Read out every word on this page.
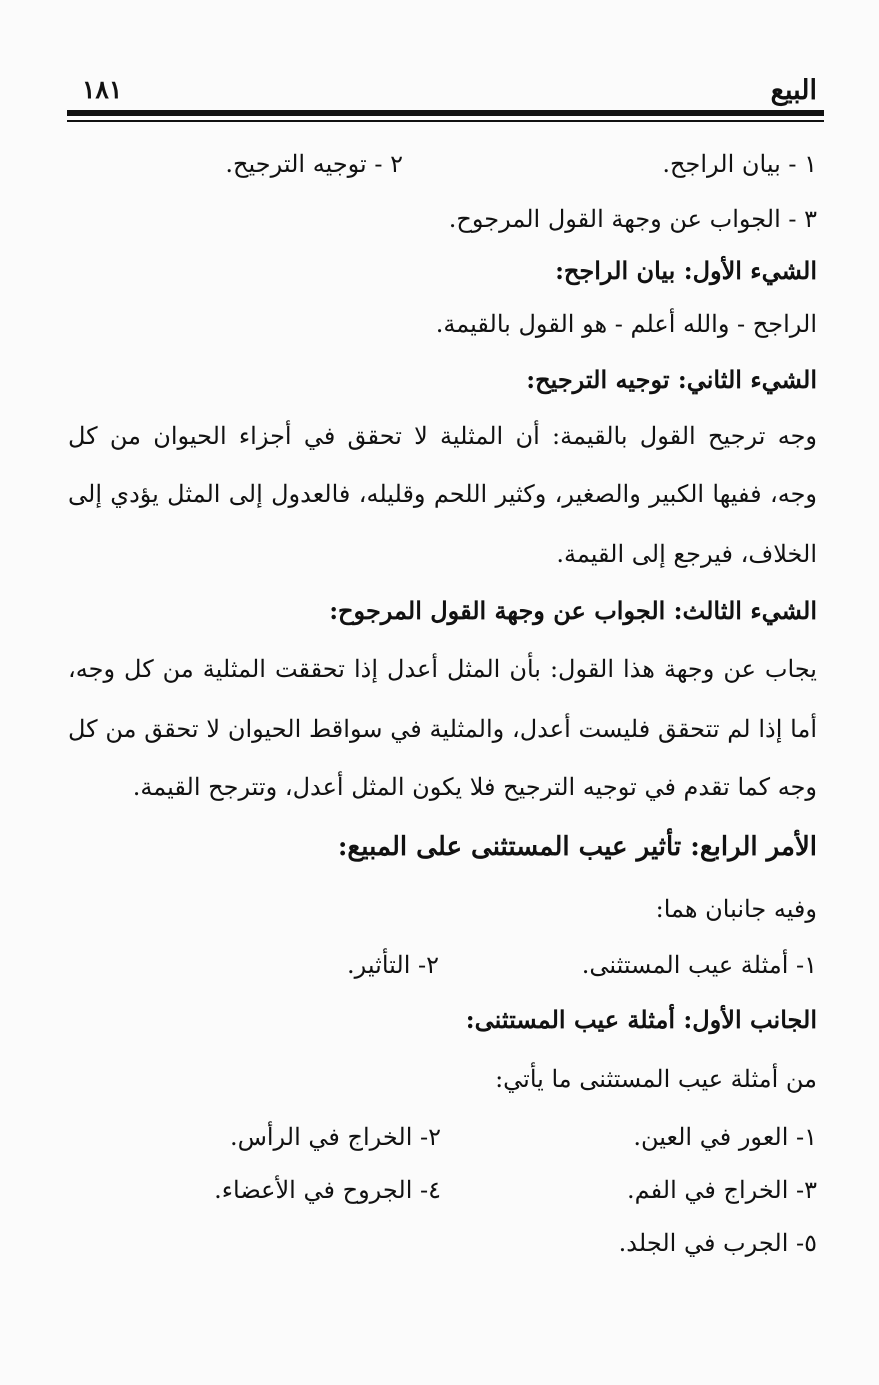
البيع
١٨١
١ - بيان الراجح.
٢ - توجيه الترجيح.
٣ - الجواب عن وجهة القول المرجوح.
الشيء الأول: بيان الراجح:
الراجح - والله أعلم - هو القول بالقيمة.
الشيء الثاني: توجيه الترجيح:
وجه ترجيح القول بالقيمة: أن المثلية لا تحقق في أجزاء الحيوان من كل
وجه، ففيها الكبير والصغير، وكثير اللحم وقليله، فالعدول إلى المثل يؤدي إلى
الخلاف، فيرجع إلى القيمة.
الشيء الثالث: الجواب عن وجهة القول المرجوح:
يجاب عن وجهة هذا القول: بأن المثل أعدل إذا تحققت المثلية من كل وجه،
أما إذا لم تتحقق فليست أعدل، والمثلية في سواقط الحيوان لا تحقق من كل
وجه كما تقدم في توجيه الترجيح فلا يكون المثل أعدل، وتترجح القيمة.
الأمر الرابع: تأثير عيب المستثنى على المبيع:
وفيه جانبان هما:
١- أمثلة عيب المستثنى.
٢- التأثير.
الجانب الأول: أمثلة عيب المستثنى:
من أمثلة عيب المستثنى ما يأتي:
١- العور في العين.
٢- الخراج في الرأس.
٣- الخراج في الفم.
٤- الجروح في الأعضاء.
٥- الجرب في الجلد.
